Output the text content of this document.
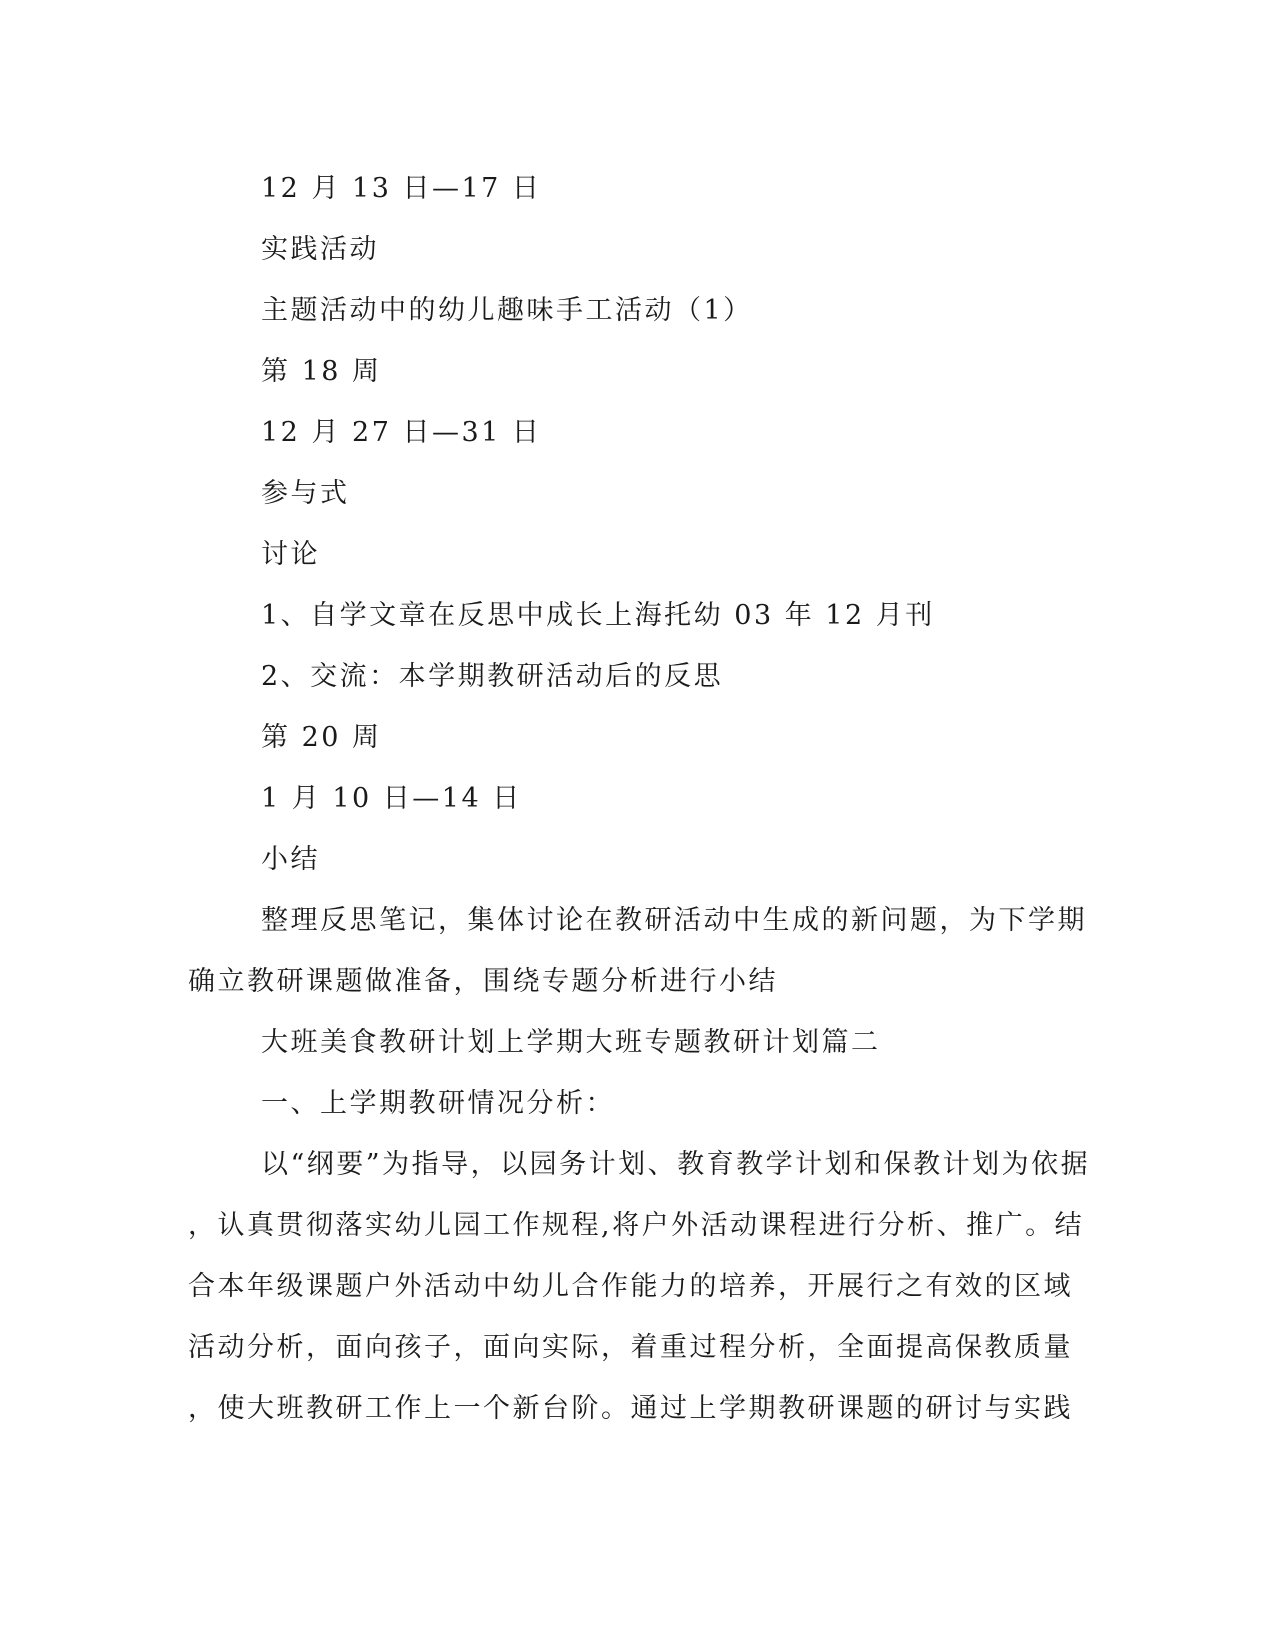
12 月 13 日—17 日
实践活动
主题活动中的幼儿趣味手工活动（1）
第 18 周
12 月 27 日—31 日
参与式
讨论
1、自学文章在反思中成长上海托幼 03 年 12 月刊
2、交流：本学期教研活动后的反思
第 20 周
1 月 10 日—14 日
小结
整理反思笔记，集体讨论在教研活动中生成的新问题，为下学期
确立教研课题做准备，围绕专题分析进行小结
大班美食教研计划上学期大班专题教研计划篇二
一、上学期教研情况分析：
以“纲要”为指导，以园务计划、教育教学计划和保教计划为依据
，认真贯彻落实幼儿园工作规程,将户外活动课程进行分析、推广。结
合本年级课题户外活动中幼儿合作能力的培养，开展行之有效的区域
活动分析，面向孩子，面向实际，着重过程分析，全面提高保教质量
，使大班教研工作上一个新台阶。通过上学期教研课题的研讨与实践
